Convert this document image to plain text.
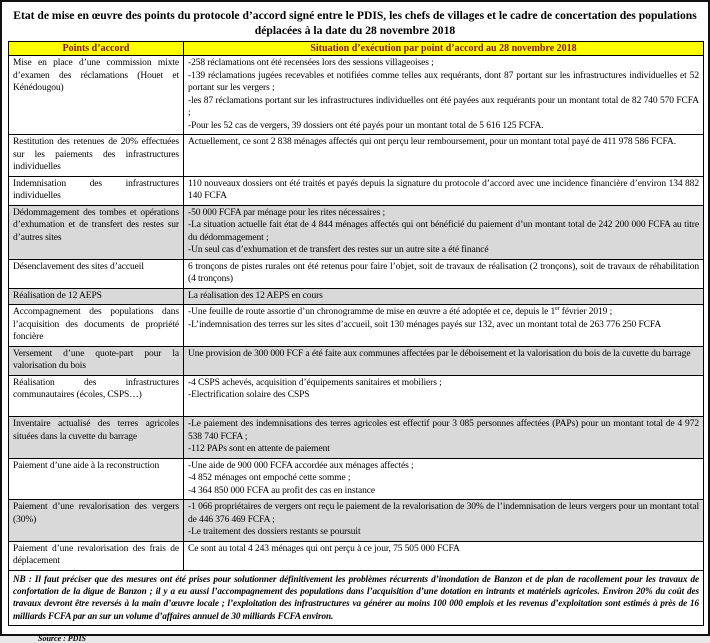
Etat de mise en œuvre des points du protocole d’accord signé entre le PDIS, les chefs de villages et le cadre de concertation des populations déplacées à la date du 28 novembre 2018
Points d’accord	Situation d’exécution par point d’accord au 28 novembre 2018
Mise en place d’une commission mixte d’examen des réclamations (Houet et Kénédougou)	-258 réclamations ont été recensées lors des sessions villageoises ;
-139 réclamations jugées recevables et notifiées comme telles aux requérants, dont 87 portant sur les infrastructures individuelles et 52 portant sur les vergers ;
-les 87 réclamations portant sur les infrastructures individuelles ont été payées aux requérants pour un montant total de 82 740 570 FCFA ;
-Pour les 52 cas de vergers, 39 dossiers ont été payés pour un montant total de 5 616 125 FCFA.

Restitution des retenues de 20% effectuées sur les paiements des infrastructures individuelles	Actuellement, ce sont 2 838 ménages affectés qui ont perçu leur remboursement, pour un montant total payé de 411 978 586 FCFA.

Indemnisation des infrastructures individuelles	110 nouveaux dossiers ont été traités et payés depuis la signature du protocole d’accord avec une incidence financière d’environ 134 882 140 FCFA

Dédommagement des tombes et opérations d’exhumation et de transfert des restes sur d’autres sites	-50 000 FCFA par ménage pour les rites nécessaires ;
-La situation actuelle fait état de 4 844 ménages affectés qui ont bénéficié du paiement d’un montant total de 242 200 000 FCFA au titre du dédommagement ;
-Un seul cas d’exhumation et de transfert des restes sur un autre site a été financé

Désenclavement des sites d’accueil	6 tronçons de pistes rurales ont été retenus pour faire l’objet, soit de travaux de réalisation (2 tronçons), soit de travaux de réhabilitation (4 tronçons)

Réalisation de 12 AEPS	La réalisation des 12 AEPS en cours

Accompagnement des populations dans l’acquisition des documents de propriété foncière	-Une feuille de route assortie d’un chronogramme de mise en œuvre a été adoptée et ce, depuis le 1er février 2019 ;
-L’indemnisation des terres sur les sites d’accueil, soit 130 ménages payés sur 132, avec un montant total de 263 776 250 FCFA

Versement d’une quote-part pour la valorisation du bois	Une provision de 300 000 FCF a été faite aux communes affectées par le déboisement et la valorisation du bois de la cuvette du barrage

Réalisation des infrastructures communautaires (écoles, CSPS…)	-4 CSPS achevés, acquisition d’équipements sanitaires et mobiliers ;
-Electrification solaire des CSPS

Inventaire actualisé des terres agricoles situées dans la cuvette du barrage	-Le paiement des indemnisations des terres agricoles est effectif pour 3 085 personnes affectées (PAPs) pour un montant total de 4 972 538 740 FCFA ;
-112 PAPs sont en attente de paiement

Paiement d’une aide à la reconstruction	-Une aide de 900 000 FCFA accordée aux ménages affectés ;
-4 852 ménages ont empoché cette somme ;
-4 364 850 000 FCFA au profit des cas en instance

Paiement d’une revalorisation des vergers (30%)	-1 066 propriétaires de vergers ont reçu le paiement de la revalorisation de 30% de l’indemnisation de leurs vergers pour un montant total de 446 376 469 FCFA ;
-Le traitement des dossiers restants se poursuit

Paiement d’une revalorisation des frais de déplacement	Ce sont au total 4 243 ménages qui ont perçu à ce jour, 75 505 000 FCFA

NB : Il faut préciser que des mesures ont été prises pour solutionner définitivement les problèmes récurrents d’inondation de Banzon et de plan de racollement pour les travaux de confortation de la digue de Banzon ; il y a eu aussi l’accompagnement des populations dans l’acquisition d’une dotation en intrants et matériels agricoles. Environ 20% du coût des travaux devront être reversés à la main d’œuvre locale ; l’exploitation des infrastructures va générer au moins 100 000 emplois et les revenus d’exploitation sont estimés à près de 16 milliards FCFA par an sur un volume d’affaires annuel de 30 milliards FCFA environ.	
Source : PDIS
